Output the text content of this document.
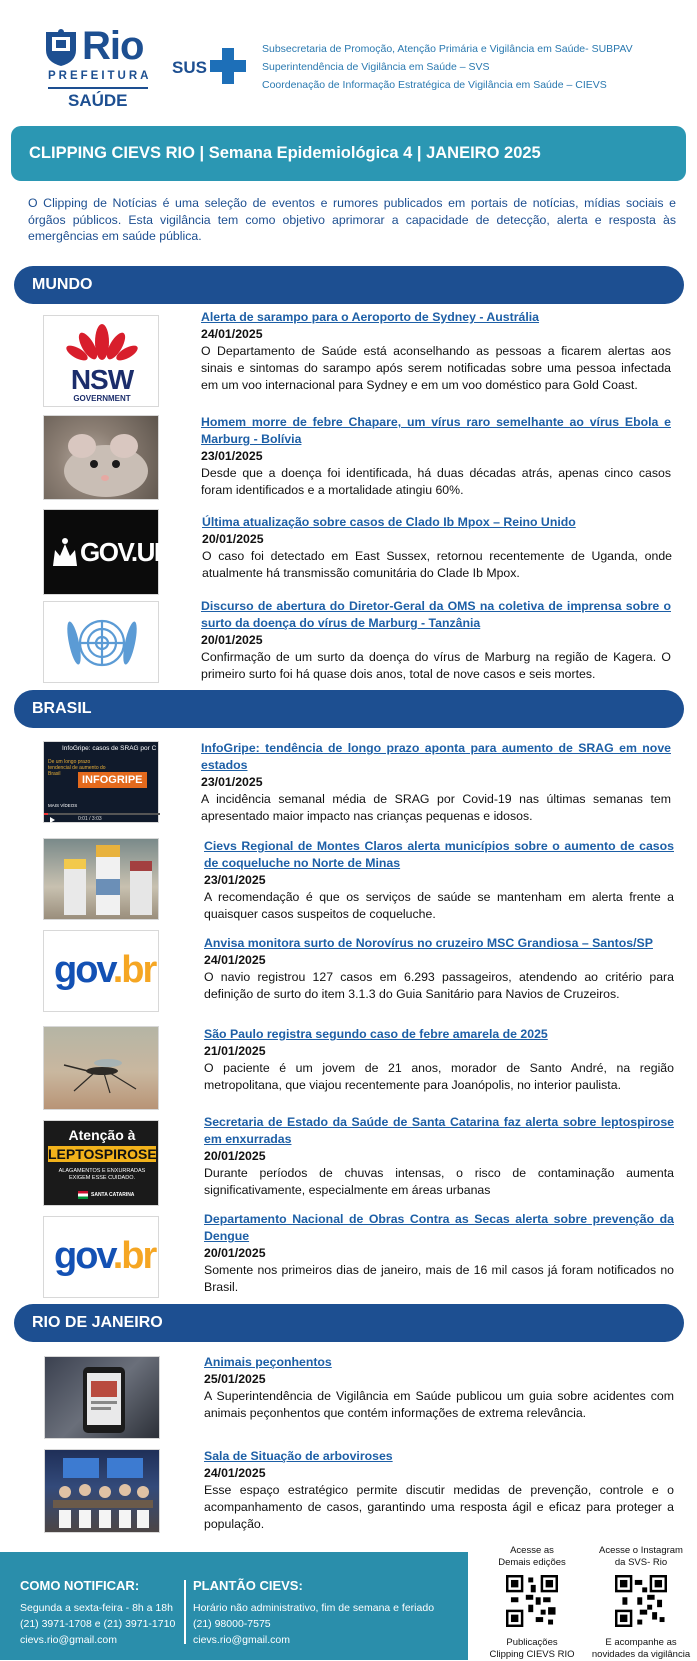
Rio
PREFEITURA
SAÚDE
SUS
Subsecretaria de Promoção, Atenção Primária e Vigilância em Saúde- SUBPAV
Superintendência de Vigilância em Saúde – SVS
Coordenação de Informação Estratégica de Vigilância em Saúde – CIEVS
CLIPPING CIEVS RIO | Semana Epidemiológica 4 | JANEIRO 2025
O Clipping de Notícias é uma seleção de eventos e rumores publicados em portais de notícias, mídias sociais e órgãos públicos. Esta vigilância tem como objetivo aprimorar a capacidade de detecção, alerta e resposta às emergências em saúde pública.
MUNDO
NSW
GOVERNMENT
Alerta de sarampo para o Aeroporto de Sydney - Austrália
24/01/2025
O Departamento de Saúde está aconselhando as pessoas a ficarem alertas aos sinais e sintomas do sarampo após serem notificadas sobre uma pessoa infectada em um voo internacional para Sydney e em um voo doméstico para Gold Coast.
Homem morre de febre Chapare, um vírus raro semelhante ao vírus Ebola e Marburg - Bolívia
23/01/2025
Desde que a doença foi identificada, há duas décadas atrás, apenas cinco casos foram identificados e a mortalidade atingiu 60%.
GOV.UK
Última atualização sobre casos de Clado Ib Mpox – Reino Unido
20/01/2025
O caso foi detectado em East Sussex, retornou recentemente de Uganda, onde atualmente há transmissão comunitária do Clade Ib Mpox.
Discurso de abertura do Diretor-Geral da OMS na coletiva de imprensa sobre o surto da doença do vírus de Marburg - Tanzânia
20/01/2025
Confirmação de um surto da doença do vírus de Marburg na região de Kagera. O primeiro surto foi há quase dois anos, total de nove casos e seis mortes.
BRASIL
InfoGripe: casos de SRAG por C
De um longo prazo tendencial de aumento do Brasil	INFOGRIPE
MAIS VÍDEOS
0:01 / 3:03
InfoGripe: tendência de longo prazo aponta para aumento de SRAG em nove estados
23/01/2025
A incidência semanal média de SRAG por Covid-19 nas últimas semanas tem apresentado maior impacto nas crianças pequenas e idosos.
Cievs Regional de Montes Claros alerta municípios sobre o aumento de casos de coqueluche no Norte de Minas
23/01/2025
A recomendação é que os serviços de saúde se mantenham em alerta frente a quaisquer casos suspeitos de coqueluche.
gov.br
Anvisa monitora surto de Norovírus no cruzeiro MSC Grandiosa – Santos/SP
24/01/2025
O navio registrou 127 casos em 6.293 passageiros, atendendo ao critério para definição de surto do item 3.1.3 do Guia Sanitário para Navios de Cruzeiros.
São Paulo registra segundo caso de febre amarela de 2025
21/01/2025
O paciente é um jovem de 21 anos, morador de Santo André, na região metropolitana, que viajou recentemente para Joanópolis, no interior paulista.
Atenção à
LEPTOSPIROSE
ALAGAMENTOS E ENXURRADAS EXIGEM ESSE CUIDADO.
SANTA CATARINA
Secretaria de Estado da Saúde de Santa Catarina faz alerta sobre leptospirose em enxurradas
20/01/2025
Durante períodos de chuvas intensas, o risco de contaminação aumenta significativamente, especialmente em áreas urbanas
gov.br
Departamento Nacional de Obras Contra as Secas alerta sobre prevenção da Dengue
20/01/2025
Somente nos primeiros dias de janeiro, mais de 16 mil casos já foram notificados no Brasil.
RIO DE JANEIRO
Animais peçonhentos
25/01/2025
A Superintendência de Vigilância em Saúde publicou um guia sobre acidentes com animais peçonhentos que contém informações de extrema relevância.
Sala de Situação de arboviroses
24/01/2025
Esse espaço estratégico permite discutir medidas de prevenção, controle e o acompanhamento de casos, garantindo uma resposta ágil e eficaz para proteger a população.
COMO NOTIFICAR:
Segunda a sexta-feira - 8h a 18h
(21) 3971-1708 e (21) 3971-1710
cievs.rio@gmail.com
PLANTÃO CIEVS:
Horário não administrativo, fim de semana e feriado
(21) 98000-7575
cievs.rio@gmail.com
Acesse as
Demais edições
Publicações
Clipping CIEVS RIO
Acesse o Instagram
da SVS- Rio
E acompanhe as
novidades da vigilância
